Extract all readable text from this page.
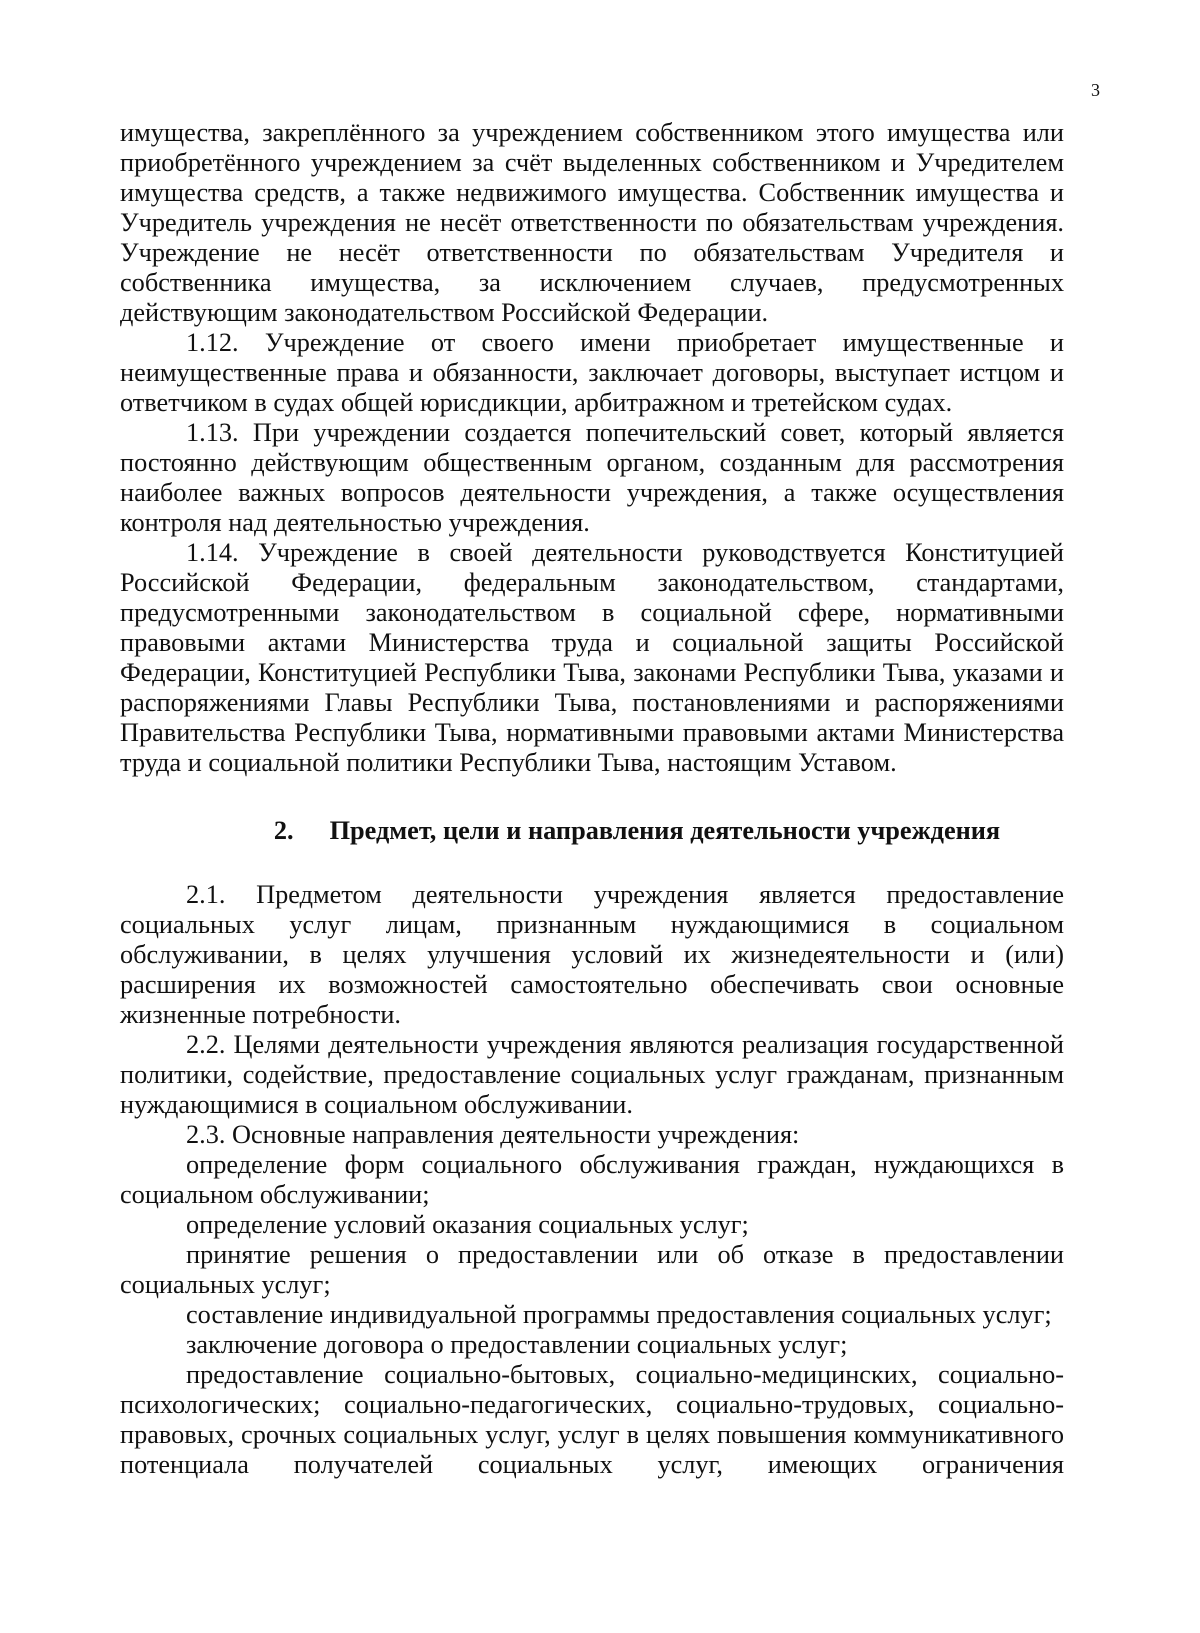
3

имущества, закреплённого за учреждением собственником этого имущества или приобретённого учреждением за счёт выделенных собственником и Учредителем имущества средств, а также недвижимого имущества. Собственник имущества и Учредитель учреждения не несёт ответственности по обязательствам учреждения. Учреждение не несёт ответственности по обязательствам Учредителя и собственника имущества, за исключением случаев, предусмотренных действующим законодательством Российской Федерации.

1.12. Учреждение от своего имени приобретает имущественные и неимущественные права и обязанности, заключает договоры, выступает истцом и ответчиком в судах общей юрисдикции, арбитражном и третейском судах.

1.13. При учреждении создается попечительский совет, который является постоянно действующим общественным органом, созданным для рассмотрения наиболее важных вопросов деятельности учреждения, а также осуществления контроля над деятельностью учреждения.

1.14. Учреждение в своей деятельности руководствуется Конституцией Российской Федерации, федеральным законодательством, стандартами, предусмотренными законодательством в социальной сфере, нормативными правовыми актами Министерства труда и социальной защиты Российской Федерации, Конституцией Республики Тыва, законами Республики Тыва, указами и распоряжениями Главы Республики Тыва, постановлениями и распоряжениями Правительства Республики Тыва, нормативными правовыми актами Министерства труда и социальной политики Республики Тыва, настоящим Уставом.

2. Предмет, цели и направления деятельности учреждения

2.1. Предметом деятельности учреждения является предоставление социальных услуг лицам, признанным нуждающимися в социальном обслуживании, в целях улучшения условий их жизнедеятельности и (или) расширения их возможностей самостоятельно обеспечивать свои основные жизненные потребности.

2.2. Целями деятельности учреждения являются реализация государственной политики, содействие, предоставление социальных услуг гражданам, признанным нуждающимися в социальном обслуживании.

2.3. Основные направления деятельности учреждения:

определение форм социального обслуживания граждан, нуждающихся в социальном обслуживании;

определение условий оказания социальных услуг;

принятие решения о предоставлении или об отказе в предоставлении социальных услуг;

составление индивидуальной программы предоставления социальных услуг;

заключение договора о предоставлении социальных услуг;

предоставление социально-бытовых, социально-медицинских, социально-психологических; социально-педагогических, социально-трудовых, социально-правовых, срочных социальных услуг, услуг в целях повышения коммуникативного потенциала получателей социальных услуг, имеющих ограничения
